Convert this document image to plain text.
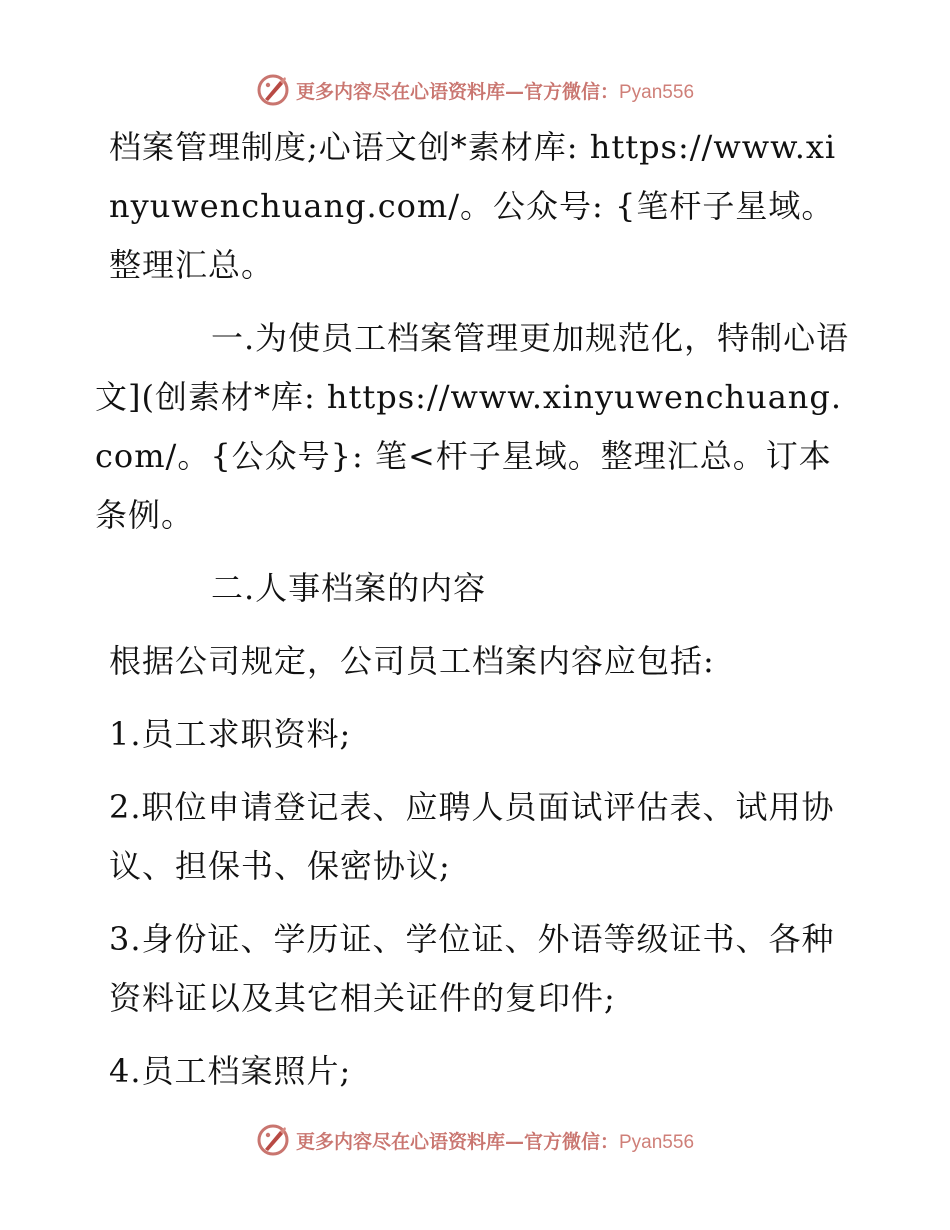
更多内容尽在心语资料库—官方微信：Pyan556

档案管理制度;心语文创*素材库: https://www.xinyuwenchuang.com/。公众号: {笔杆子星域。整理汇总。

一.为使员工档案管理更加规范化，特制心语文](创素材*库: https://www.xinyuwenchuang.com/。{公众号}: 笔<杆子星域。整理汇总。订本条例。

二.人事档案的内容

根据公司规定，公司员工档案内容应包括:

1.员工求职资料;

2.职位申请登记表、应聘人员面试评估表、试用协议、担保书、保密协议;

3.身份证、学历证、学位证、外语等级证书、各种资料证以及其它相关证件的复印件;

4.员工档案照片;

更多内容尽在心语资料库—官方微信：Pyan556
